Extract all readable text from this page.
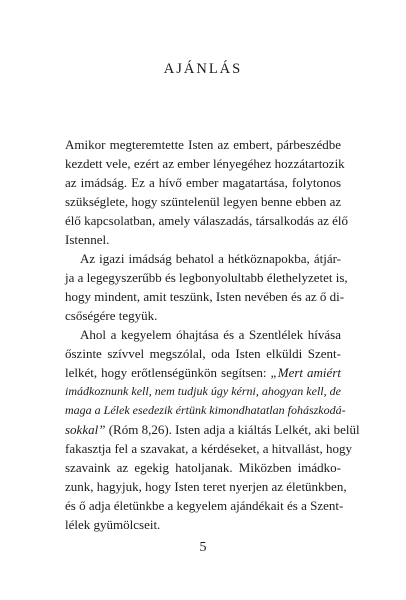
AJÁNLÁS
Amikor megteremtette Isten az embert, párbeszédbe
kezdett vele, ezért az ember lényegéhez hozzátartozik
az imádság. Ez a hívő ember magatartása, folytonos
szükséglete, hogy szüntelenül legyen benne ebben az
élő kapcsolatban, amely válaszadás, társalkodás az élő
Istennel.
Az igazi imádság behatol a hétköznapokba, átjár-
ja a legegyszerűbb és legbonyolultabb élethelyzetet is,
hogy mindent, amit teszünk, Isten nevében és az ő di-
csőségére tegyük.
Ahol a kegyelem óhajtása és a Szentlélek hívása
őszinte szívvel megszólal, oda Isten elküldi Szent-
lelkét, hogy erőtlenségünkön segítsen: „Mert amiért
imádkoznunk kell, nem tudjuk úgy kérni, ahogyan kell, de
maga a Lélek esedezik értünk kimondhatatlan fohászkodá-
sokkal” (Róm 8,26). Isten adja a kiáltás Lelkét, aki belül
fakasztja fel a szavakat, a kérdéseket, a hitvallást, hogy
szavaink az egekig hatoljanak. Miközben imádko-
zunk, hagyjuk, hogy Isten teret nyerjen az életünkben,
és ő adja életünkbe a kegyelem ajándékait és a Szent-
lélek gyümölcseit.
5
